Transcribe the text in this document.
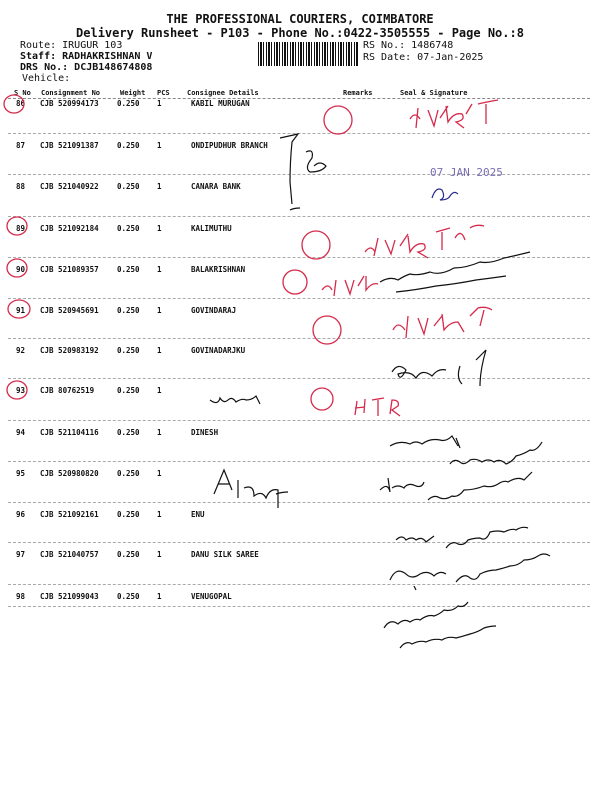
THE PROFESSIONAL COURIERS, COIMBATORE
Delivery Runsheet - P103 - Phone No.:0422-3505555 - Page No.:8
Route: IRUGUR 103
Staff: RADHAKRISHNAN V
DRS No.: DCJB148674808
Vehicle:
RS No.: 1486748
RS Date: 07-Jan-2025
S No Consignment No	Weight PCS Consignee Details	Remarks	Seal & Signature
86 CJB 520994173 0.250 1	KABIL MURUGAN
87 CJB 521091387 0.250 1	ONDIPUDHUR BRANCH
88 CJB 521040922 0.250 1	CANARA BANK
89 CJB 521092184 0.250 1	KALIMUTHU
90 CJB 521089357 0.250 1	BALAKRISHNAN
91 CJB 520945691 0.250 1	GOVINDARAJ
92 CJB 520983192 0.250 1	GOVINADARJKU
93 CJB 80762519	0.250 1
94 CJB 521104116 0.250 1	DINESH
95 CJB 520980820 0.250 1
96 CJB 521092161 0.250 1	ENU
97 CJB 521040757 0.250 1	DANU SILK SAREE
98 CJB 521099043 0.250 1	VENUGOPAL
07 JAN 2025
